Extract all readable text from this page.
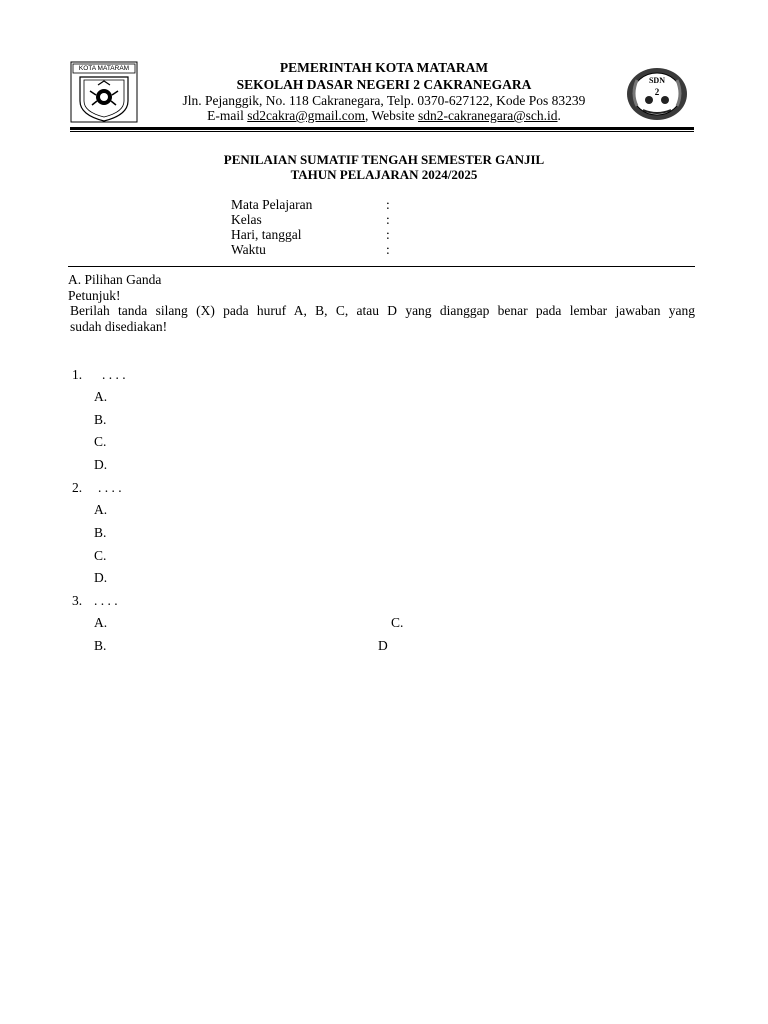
KOTA MATARAM
SDN
2
PEMERINTAH KOTA MATARAM
SEKOLAH DASAR NEGERI 2 CAKRANEGARA
Jln. Pejanggik, No. 118 Cakranegara, Telp. 0370-627122, Kode Pos 83239
E-mail sd2cakra@gmail.com, Website sdn2-cakranegara@sch.id.
PENILAIAN SUMATIF TENGAH SEMESTER GANJIL
TAHUN PELAJARAN 2024/2025
Mata Pelajaran	:
Kelas	:
Hari, tanggal	:
Waktu	:
A. Pilihan Ganda
Petunjuk!
Berilah tanda silang (X) pada huruf A, B, C, atau D yang dianggap benar pada lembar jawaban yang
sudah disediakan!
1. . . . .
A.
B.
C.
D.
2. . . . .
A.
B.
C.
D.
3. . . . .
A.	C.
B.	D
